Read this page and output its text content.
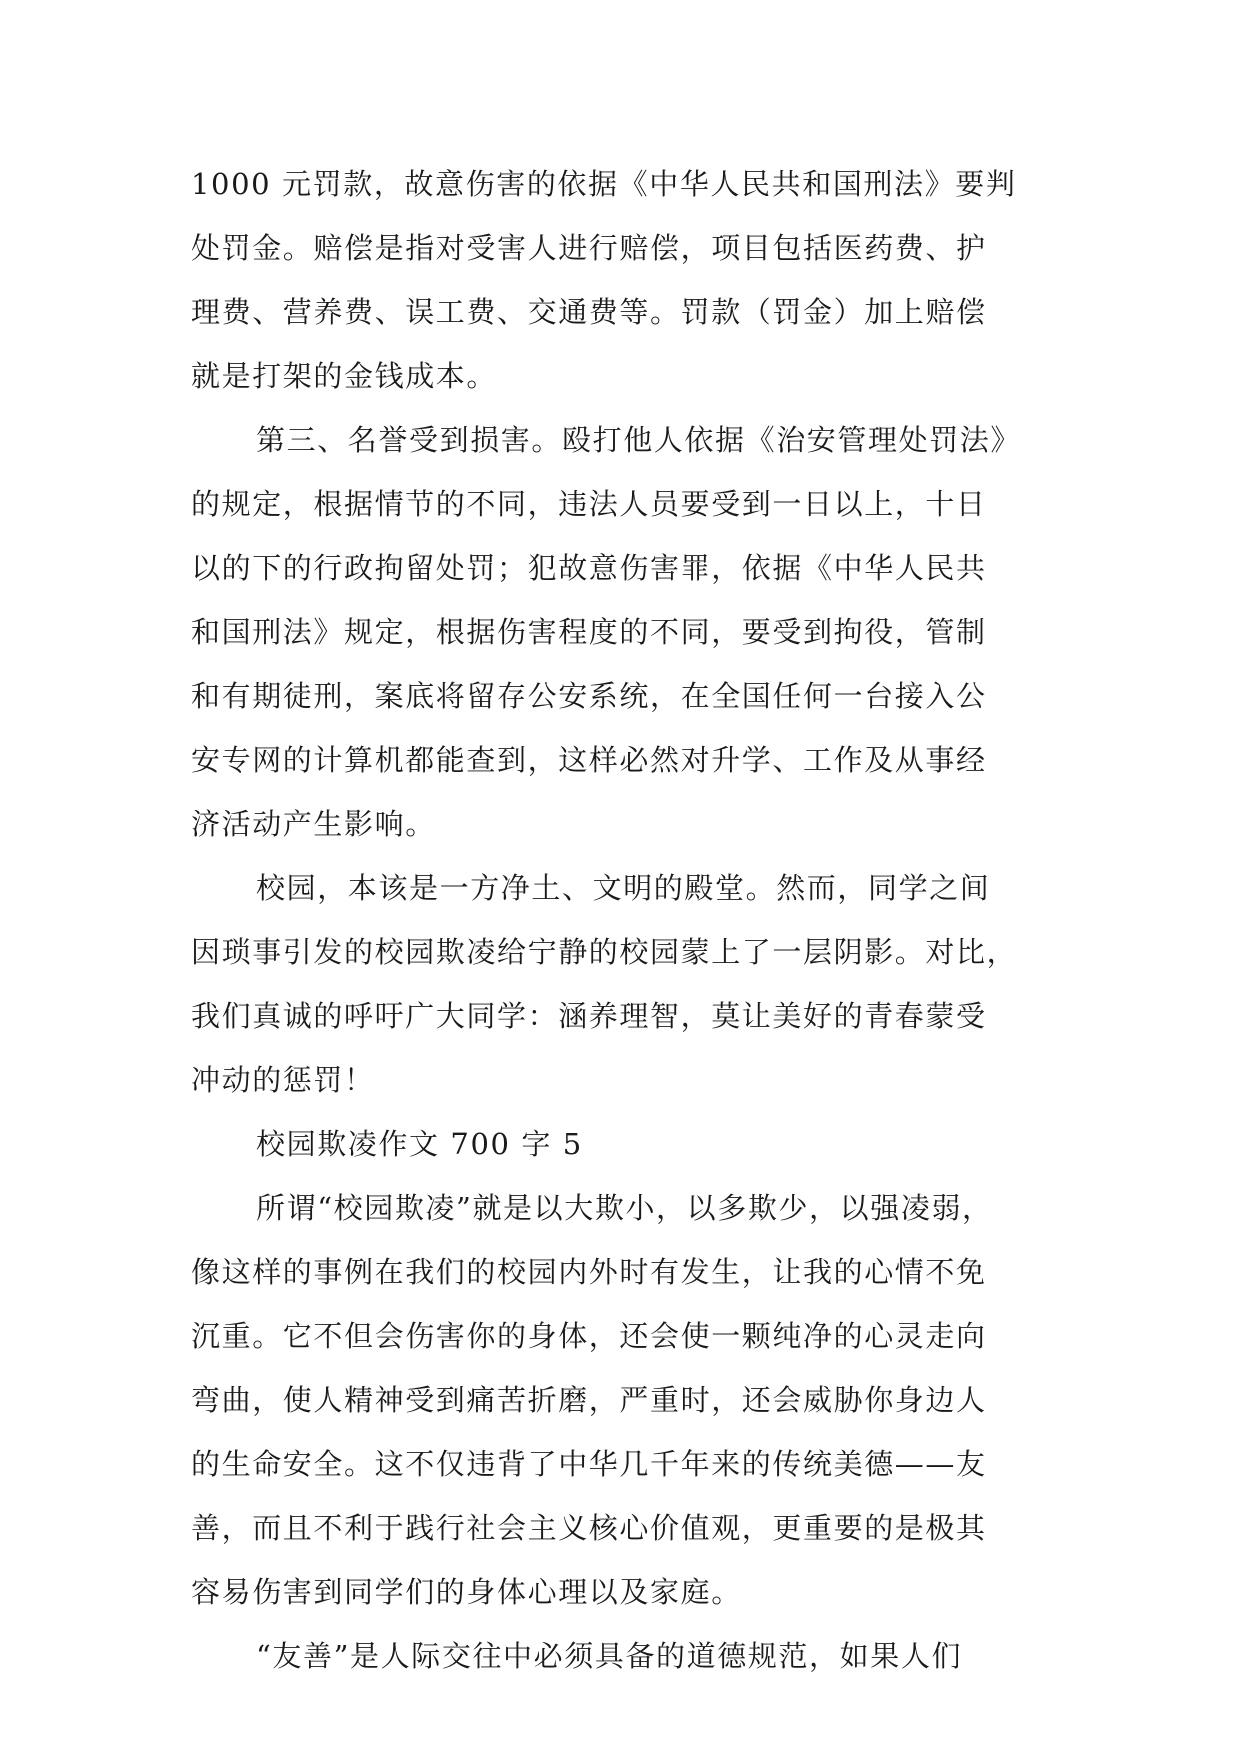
1000 元罚款，故意伤害的依据《中华人民共和国刑法》要判
处罚金。赔偿是指对受害人进行赔偿，项目包括医药费、护
理费、营养费、误工费、交通费等。罚款（罚金）加上赔偿
就是打架的金钱成本。
第三、名誉受到损害。殴打他人依据《治安管理处罚法》
的规定，根据情节的不同，违法人员要受到一日以上，十日
以的下的行政拘留处罚；犯故意伤害罪，依据《中华人民共
和国刑法》规定，根据伤害程度的不同，要受到拘役，管制
和有期徒刑，案底将留存公安系统，在全国任何一台接入公
安专网的计算机都能查到，这样必然对升学、工作及从事经
济活动产生影响。
校园，本该是一方净土、文明的殿堂。然而，同学之间
因琐事引发的校园欺凌给宁静的校园蒙上了一层阴影。对比，
我们真诚的呼吁广大同学：涵养理智，莫让美好的青春蒙受
冲动的惩罚！
校园欺凌作文 700 字 5
所谓“校园欺凌”就是以大欺小，以多欺少，以强凌弱，
像这样的事例在我们的校园内外时有发生，让我的心情不免
沉重。它不但会伤害你的身体，还会使一颗纯净的心灵走向
弯曲，使人精神受到痛苦折磨，严重时，还会威胁你身边人
的生命安全。这不仅违背了中华几千年来的传统美德——友
善，而且不利于践行社会主义核心价值观，更重要的是极其
容易伤害到同学们的身体心理以及家庭。
“友善”是人际交往中必须具备的道德规范，如果人们
